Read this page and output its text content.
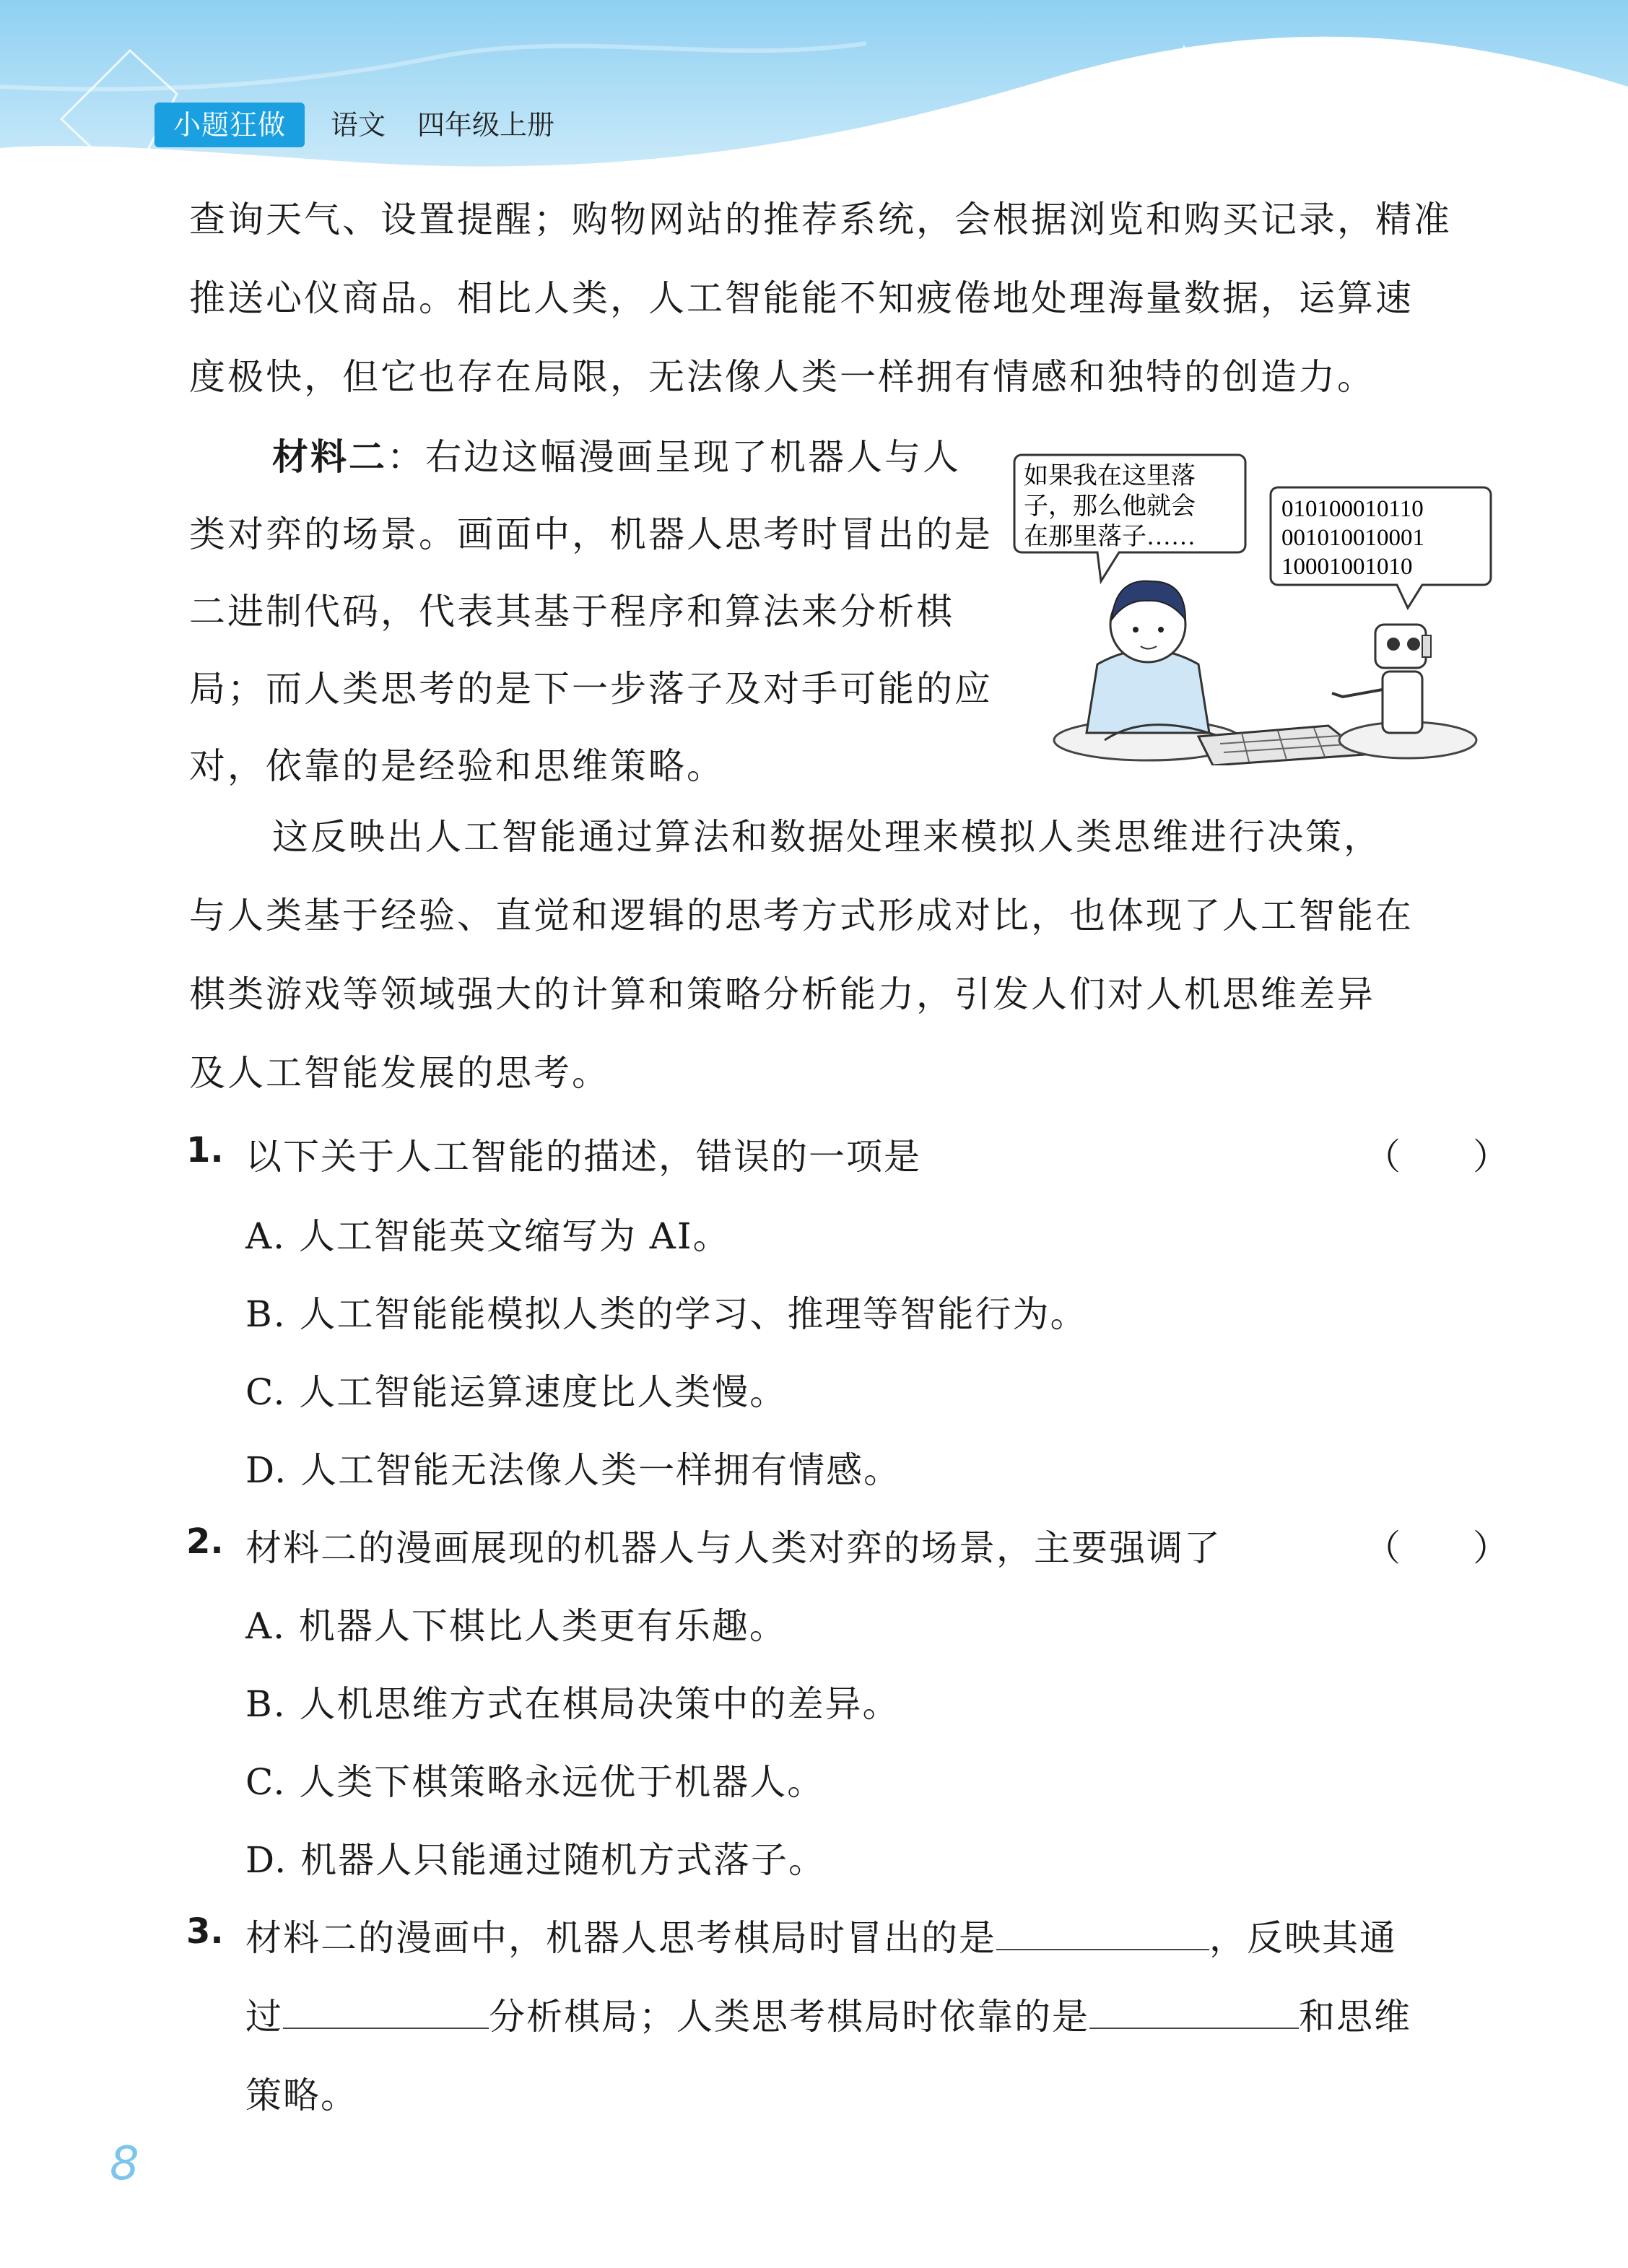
小题狂做	语文 四年级上册

查询天气、设置提醒；购物网站的推荐系统，会根据浏览和购买记录，精准

推送心仪商品。相比人类，人工智能能不知疲倦地处理海量数据，运算速

度极快，但它也存在局限，无法像人类一样拥有情感和独特的创造力。

材料二：右边这幅漫画呈现了机器人与人类对弈的场景。画面中，机器人思考时冒出的是二进制代码，代表其基于程序和算法来分析棋局；而人类思考的是下一步落子及对手可能的应对，依靠的是经验和思维策略。

如果我在这里落
子，那么他就会
在那里落子……
010100010110
001010010001
10001001010

这反映出人工智能通过算法和数据处理来模拟人类思维进行决策，

与人类基于经验、直觉和逻辑的思考方式形成对比，也体现了人工智能在

棋类游戏等领域强大的计算和策略分析能力，引发人们对人机思维差异

及人工智能发展的思考。

1. 以下关于人工智能的描述，错误的一项是	（　　）
A. 人工智能英文缩写为 AI。
B. 人工智能能模拟人类的学习、推理等智能行为。
C. 人工智能运算速度比人类慢。
D. 人工智能无法像人类一样拥有情感。
2. 材料二的漫画展现的机器人与人类对弈的场景，主要强调了	（　　）
A. 机器人下棋比人类更有乐趣。
B. 人机思维方式在棋局决策中的差异。
C. 人类下棋策略永远优于机器人。
D. 机器人只能通过随机方式落子。
3. 材料二的漫画中，机器人思考棋局时冒出的是	，反映其通
过	分析棋局；人类思考棋局时依靠的是	和思维
策略。
8
